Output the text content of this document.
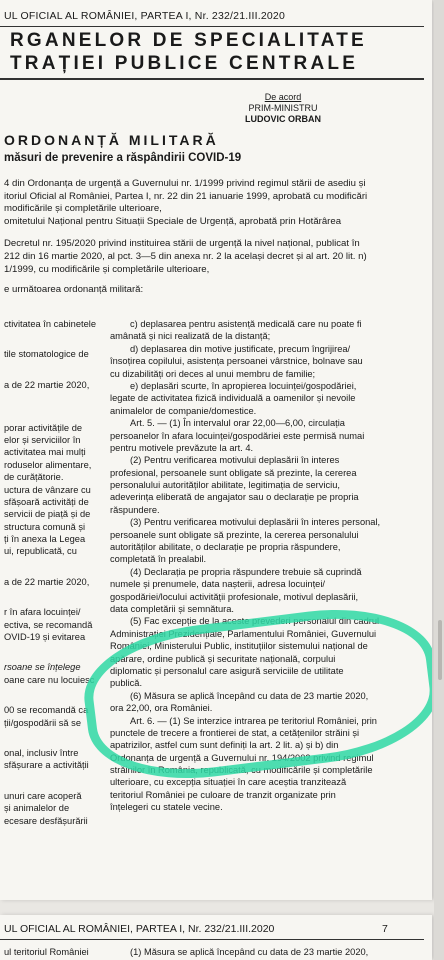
UL OFICIAL AL ROMÂNIEI, PARTEA I, Nr. 232/21.III.2020
RGANELOR DE SPECIALITATE
TRAȚIEI PUBLICE CENTRALE
De acord
PRIM-MINISTRU
LUDOVIC ORBAN
ORDONANȚĂ MILITARĂ
măsuri de prevenire a răspândirii COVID-19
4 din Ordonanța de urgență a Guvernului nr. 1/1999 privind regimul stării de asediu și
itoriul Oficial al României, Partea I, nr. 22 din 21 ianuarie 1999, aprobată cu modificări
modificările și completările ulterioare,
omitetului Național pentru Situații Speciale de Urgență, aprobată prin Hotărârea
Decretul nr. 195/2020 privind instituirea stării de urgență la nivel național, publicat în
212 din 16 martie 2020, al pct. 3—5 din anexa nr. 2 la același decret și al art. 20 lit. n)
1/1999, cu modificările și completările ulterioare,
e următoarea ordonanță militară:
ctivitatea în cabinetele
tile stomatologice de
a de 22 martie 2020,
porar activitățile de
elor și serviciilor în
activitatea mai mulți
roduselor alimentare,
de curățătorie.
uctura de vânzare cu
sfășoară activități de
servicii de piață și de
structura comună și
ți în anexa la Legea
ui, republicată, cu
a de 22 martie 2020,
r în afara locuinței/
ectiva, se recomandă
OVID-19 și evitarea
rsoane se înțelege
oane care nu locuiesc
00 se recomandă ca
ții/gospodării să se
onal, inclusiv între
sfășurare a activității
unuri care acoperă
și animalelor de
ecesare desfășurării
c) deplasarea pentru asistență medicală care nu poate fi
amânată și nici realizată de la distanță;
d) deplasarea din motive justificate, precum îngrijirea/
însoțirea copilului, asistența persoanei vârstnice, bolnave sau
cu dizabilități ori deces al unui membru de familie;
e) deplasări scurte, în apropierea locuinței/gospodăriei,
legate de activitatea fizică individuală a oamenilor și nevoile
animalelor de companie/domestice.
Art. 5. — (1) În intervalul orar 22,00—6,00, circulația
persoanelor în afara locuinței/gospodăriei este permisă numai
pentru motivele prevăzute la art. 4.
(2) Pentru verificarea motivului deplasării în interes
profesional, persoanele sunt obligate să prezinte, la cererea
personalului autorităților abilitate, legitimația de serviciu,
adeverința eliberată de angajator sau o declarație pe propria
răspundere.
(3) Pentru verificarea motivului deplasării în interes personal,
persoanele sunt obligate să prezinte, la cererea personalului
autorităților abilitate, o declarație pe propria răspundere,
completată în prealabil.
(4) Declarația pe propria răspundere trebuie să cuprindă
numele și prenumele, data nașterii, adresa locuinței/
gospodăriei/locului activității profesionale, motivul deplasării,
data completării și semnătura.
(5) Fac excepție de la aceste prevederi personalul din cadrul
Administrației Prezidențiale, Parlamentului României, Guvernului
României, Ministerului Public, instituțiilor sistemului național de
apărare, ordine publică și securitate națională, corpului
diplomatic și personalul care asigură serviciile de utilitate
publică.
(6) Măsura se aplică începând cu data de 23 martie 2020,
ora 22,00, ora României.
Art. 6. — (1) Se interzice intrarea pe teritoriul României, prin
punctele de trecere a frontierei de stat, a cetățenilor străini și
apatrizilor, astfel cum sunt definiți la art. 2 lit. a) și b) din
Ordonanța de urgență a Guvernului nr. 194/2002 privind regimul
străinilor în România, republicată, cu modificările și completările
ulterioare, cu excepția situației în care aceștia tranzitează
teritoriul României pe culoare de tranzit organizate prin
înțelegeri cu statele vecine.
UL OFICIAL AL ROMÂNIEI, PARTEA I, Nr. 232/21.III.2020	7
ul teritoriul României	(1) Măsura se aplică începând cu data de 23 martie 2020,
